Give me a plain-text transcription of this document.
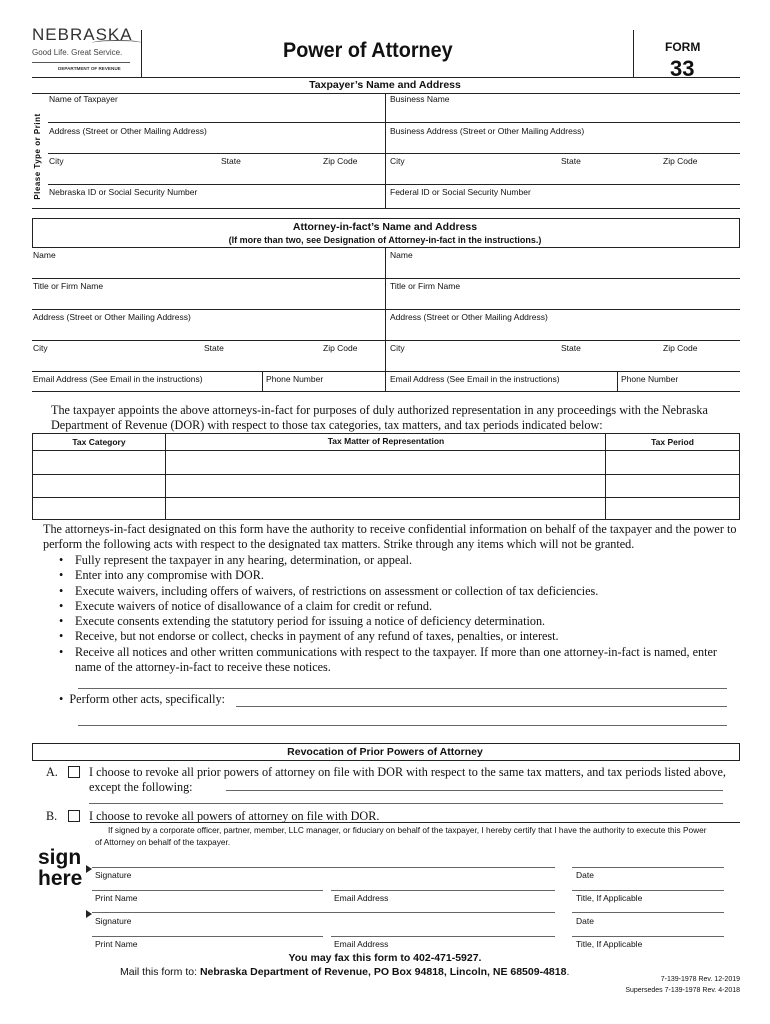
NEBRASKA
Good Life. Great Service.
DEPARTMENT OF REVENUE
Power of Attorney	FORM
33
Taxpayer’s Name and Address
Please Type or Print
Name of Taxpayer	Business Name
Address (Street or Other Mailing Address)	Business Address (Street or Other Mailing Address)
City	State	Zip Code	City	State	Zip Code
Nebraska ID or Social Security Number	Federal ID or Social Security Number
Attorney-in-fact’s Name and Address
(If more than two, see Designation of Attorney-in-fact in the instructions.)
Name	Name
Title or Firm Name	Title or Firm Name
Address (Street or Other Mailing Address)	Address (Street or Other Mailing Address)
City	State	Zip Code	City	State	Zip Code
Email Address (See Email in the instructions)	Phone Number	Email Address (See Email in the instructions)	Phone Number
The taxpayer appoints the above attorneys-in-fact for purposes of duly authorized representation in any proceedings with the Nebraska Department of Revenue (DOR) with respect to those tax categories, tax matters, and tax periods indicated below:
Tax Category	Tax Matter of Representation	Tax Period
The attorneys-in-fact designated on this form have the authority to receive confidential information on behalf of the taxpayer and the power to perform the following acts with respect to the designated tax matters. Strike through any items which will not be granted.
• Fully represent the taxpayer in any hearing, determination, or appeal.
• Enter into any compromise with DOR.
• Execute waivers, including offers of waivers, of restrictions on assessment or collection of tax deficiencies.
• Execute waivers of notice of disallowance of a claim for credit or refund.
• Execute consents extending the statutory period for issuing a notice of deficiency determination.
• Receive, but not endorse or collect, checks in payment of any refund of taxes, penalties, or interest.
• Receive all notices and other written communications with respect to the taxpayer. If more than one attorney-in-fact is named, enter name of the attorney-in-fact to receive these notices.
• Perform other acts, specifically:
Revocation of Prior Powers of Attorney
A.	I choose to revoke all prior powers of attorney on file with DOR with respect to the same tax matters, and tax periods listed above, except the following:
B.	I choose to revoke all powers of attorney on file with DOR.
If signed by a corporate officer, partner, member, LLC manager, or fiduciary on behalf of the taxpayer, I hereby certify that I have the authority to execute this Power of Attorney on behalf of the taxpayer.
sign
here Signature	Date
Print Name	Email Address	Title, If Applicable
Signature	Date
Print Name	Email Address	Title, If Applicable
You may fax this form to 402-471-5927.
Mail this form to: Nebraska Department of Revenue, PO Box 94818, Lincoln, NE 68509-4818.
7-139-1978 Rev. 12-2019
Supersedes 7-139-1978 Rev. 4-2018
